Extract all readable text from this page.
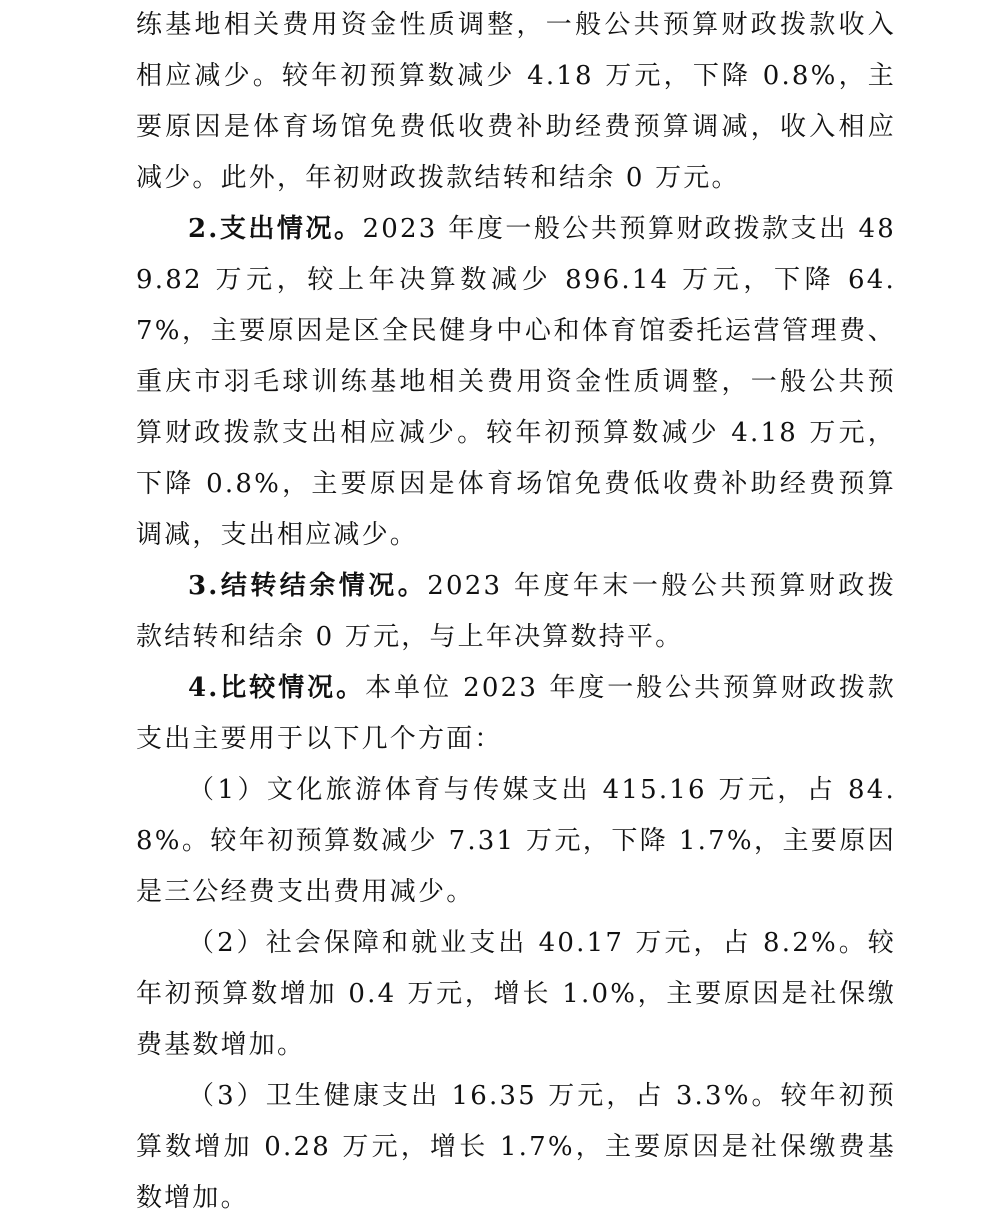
练基地相关费用资金性质调整，一般公共预算财政拨款收入相应减少。较年初预算数减少 4.18 万元，下降 0.8%，主要原因是体育场馆免费低收费补助经费预算调减，收入相应减少。此外，年初财政拨款结转和结余 0 万元。

2.支出情况。2023 年度一般公共预算财政拨款支出 489.82 万元，较上年决算数减少 896.14 万元，下降 64.7%，主要原因是区全民健身中心和体育馆委托运营管理费、重庆市羽毛球训练基地相关费用资金性质调整，一般公共预算财政拨款支出相应减少。较年初预算数减少 4.18 万元，下降 0.8%，主要原因是体育场馆免费低收费补助经费预算调减，支出相应减少。

3.结转结余情况。2023 年度年末一般公共预算财政拨款结转和结余 0 万元，与上年决算数持平。

4.比较情况。本单位 2023 年度一般公共预算财政拨款支出主要用于以下几个方面：

（1）文化旅游体育与传媒支出 415.16 万元，占 84.8%。较年初预算数减少 7.31 万元，下降 1.7%，主要原因是三公经费支出费用减少。

（2）社会保障和就业支出 40.17 万元，占 8.2%。较年初预算数增加 0.4 万元，增长 1.0%，主要原因是社保缴费基数增加。

（3）卫生健康支出 16.35 万元，占 3.3%。较年初预算数增加 0.28 万元，增长 1.7%，主要原因是社保缴费基数增加。
